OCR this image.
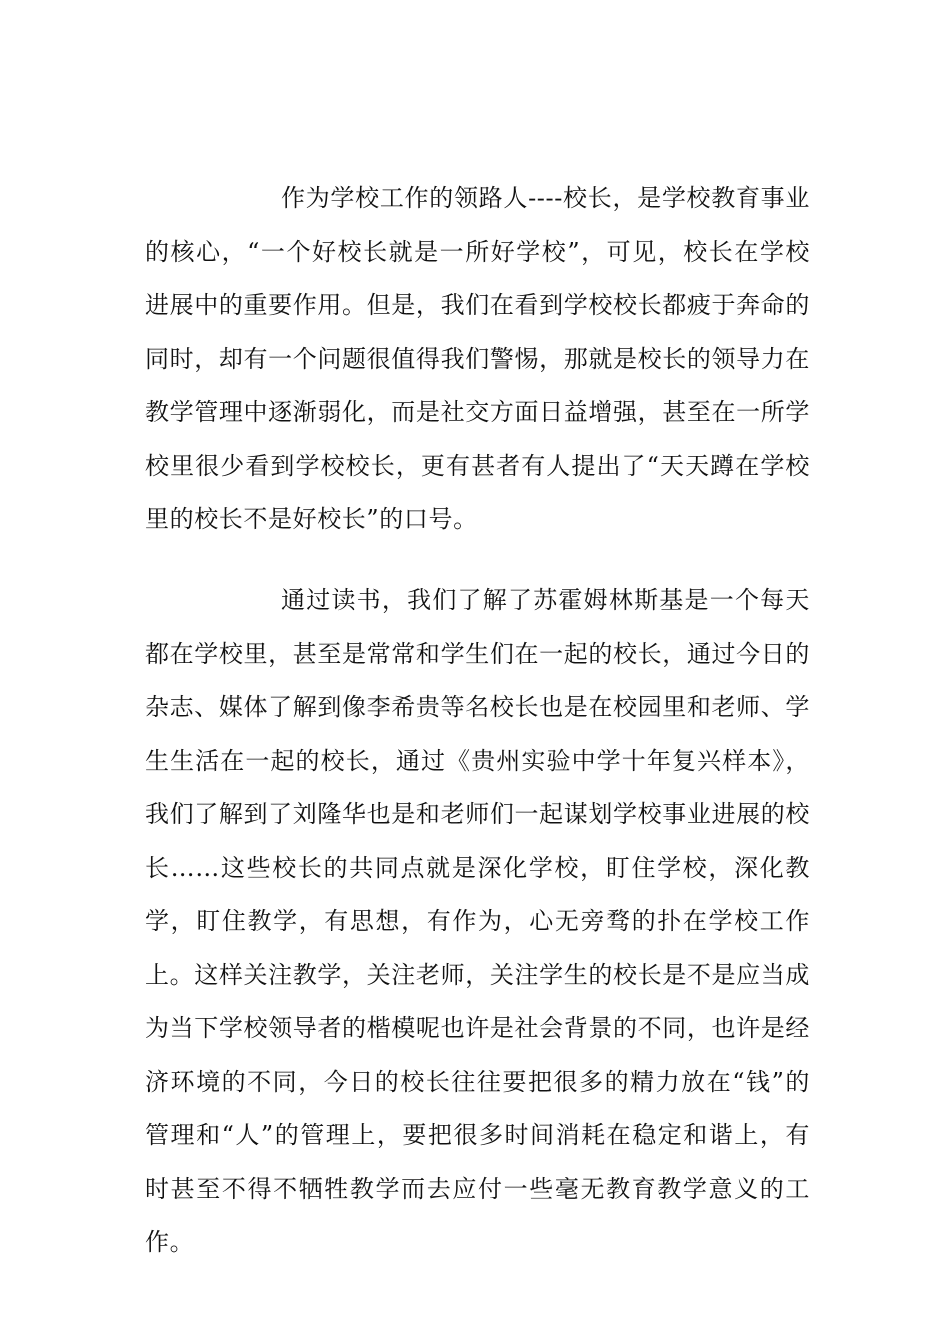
作为学校工作的领路人----校长，是学校教育事业的核心，“一个好校长就是一所好学校”，可见，校长在学校进展中的重要作用。但是，我们在看到学校校长都疲于奔命的同时，却有一个问题很值得我们警惕，那就是校长的领导力在教学管理中逐渐弱化，而是社交方面日益增强，甚至在一所学校里很少看到学校校长，更有甚者有人提出了“天天蹲在学校里的校长不是好校长”的口号。

通过读书，我们了解了苏霍姆林斯基是一个每天都在学校里，甚至是常常和学生们在一起的校长，通过今日的杂志、媒体了解到像李希贵等名校长也是在校园里和老师、学生生活在一起的校长，通过《贵州实验中学十年复兴样本》，我们了解到了刘隆华也是和老师们一起谋划学校事业进展的校长……这些校长的共同点就是深化学校，盯住学校，深化教学，盯住教学，有思想，有作为，心无旁骛的扑在学校工作上。这样关注教学，关注老师，关注学生的校长是不是应当成为当下学校领导者的楷模呢也许是社会背景的不同，也许是经济环境的不同，今日的校长往往要把很多的精力放在“钱”的管理和“人”的管理上，要把很多时间消耗在稳定和谐上，有时甚至不得不牺牲教学而去应付一些毫无教育教学意义的工作。
